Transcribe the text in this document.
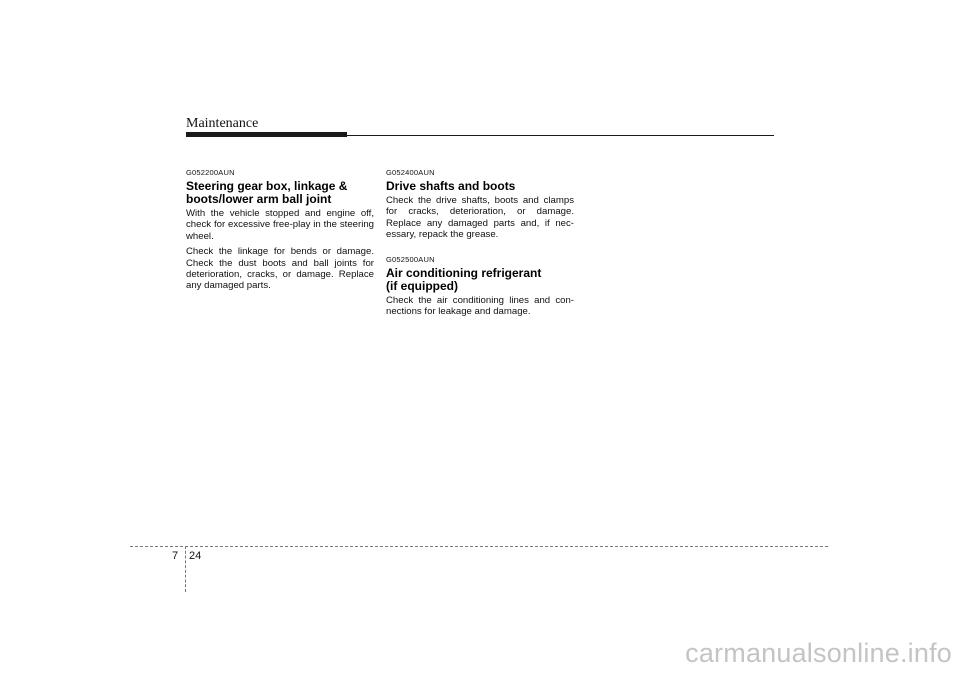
Maintenance
G052200AUN
Steering gear box, linkage &
boots/lower arm ball joint

With the vehicle stopped and engine off, check for excessive free-play in the steering wheel.

Check the linkage for bends or damage. Check the dust boots and ball joints for deterioration, cracks, or damage. Replace any damaged parts.

G052400AUN
Drive shafts and boots

Check the drive shafts, boots and clamps for cracks, deterioration, or damage. Replace any damaged parts and, if nec-essary, repack the grease.

G052500AUN
Air conditioning refrigerant
(if equipped)

Check the air conditioning lines and con-nections for leakage and damage.

7 24
carmanualsonline.info
